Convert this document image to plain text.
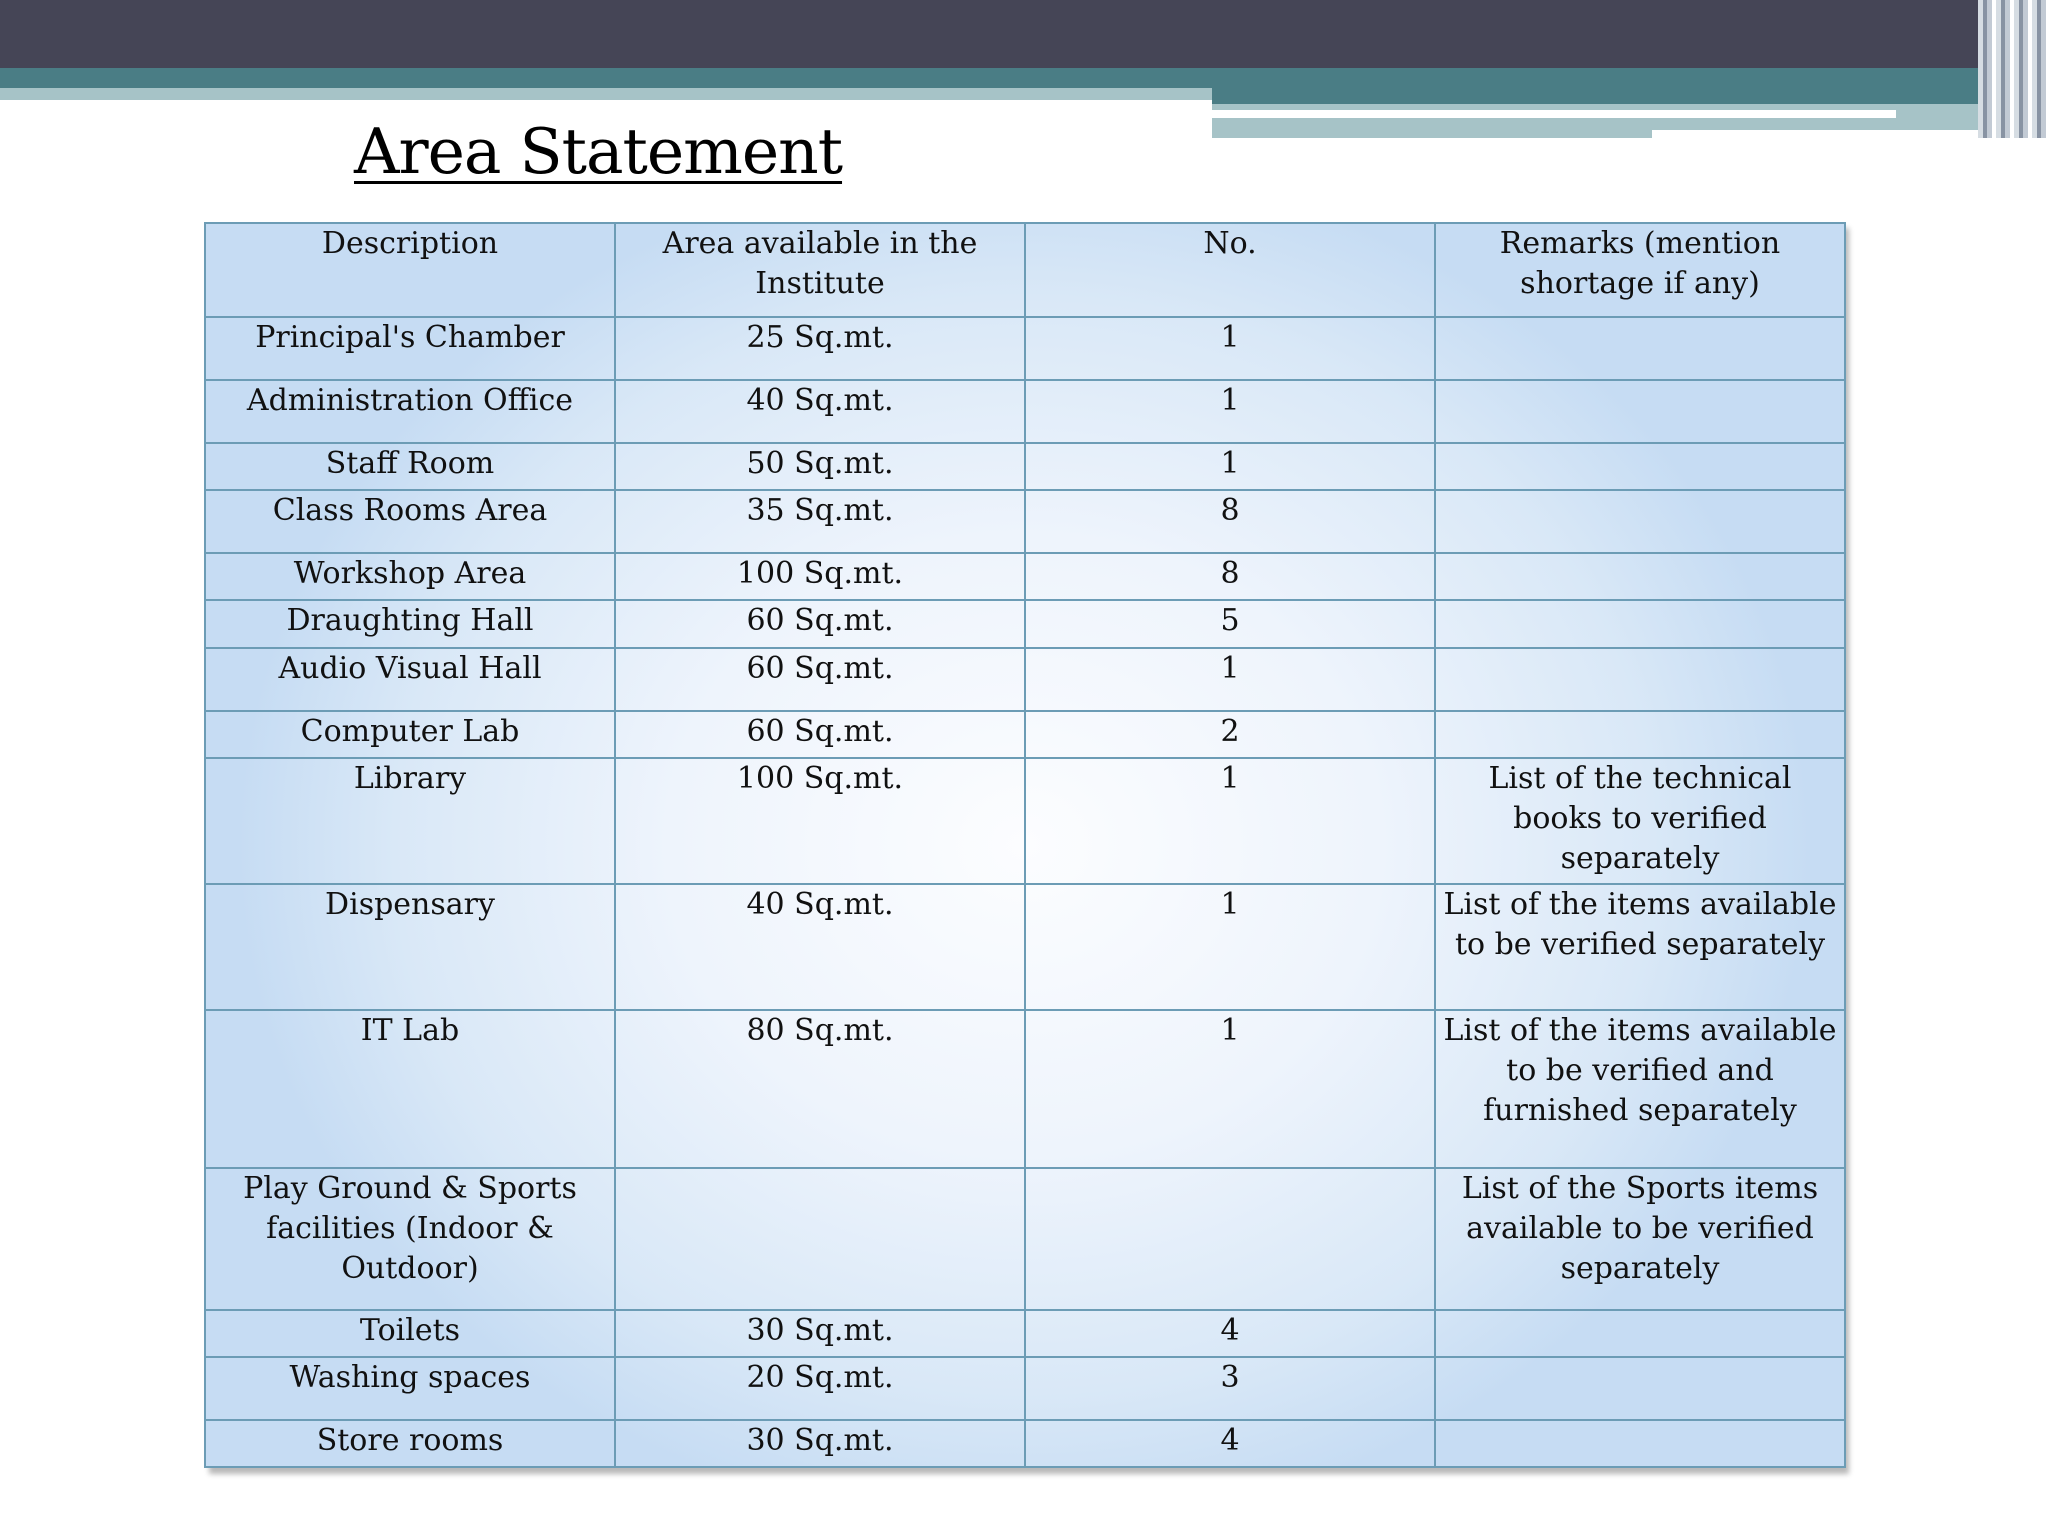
Area Statement
Description	Area available in the Institute	No.	Remarks (mention shortage if any)

Principal's Chamber	25 Sq.mt.	1	

Administration Office	40 Sq.mt.	1	

Staff Room	50 Sq.mt.	1	

Class Rooms Area	35 Sq.mt.	8	

Workshop Area	100 Sq.mt.	8	

Draughting Hall	60 Sq.mt.	5	

Audio Visual Hall	60 Sq.mt.	1	

Computer Lab	60 Sq.mt.	2	

Library	100 Sq.mt.	1	List of the technical books to verified separately

Dispensary	40 Sq.mt.	1	List of the items available to be verified separately

IT Lab	80 Sq.mt.	1	List of the items available to be verified and furnished separately

Play Ground & Sports facilities (Indoor & Outdoor)			List of the Sports items available to be verified separately

Toilets	30 Sq.mt.	4	

Washing spaces	20 Sq.mt.	3	

Store rooms	30 Sq.mt.	4	
